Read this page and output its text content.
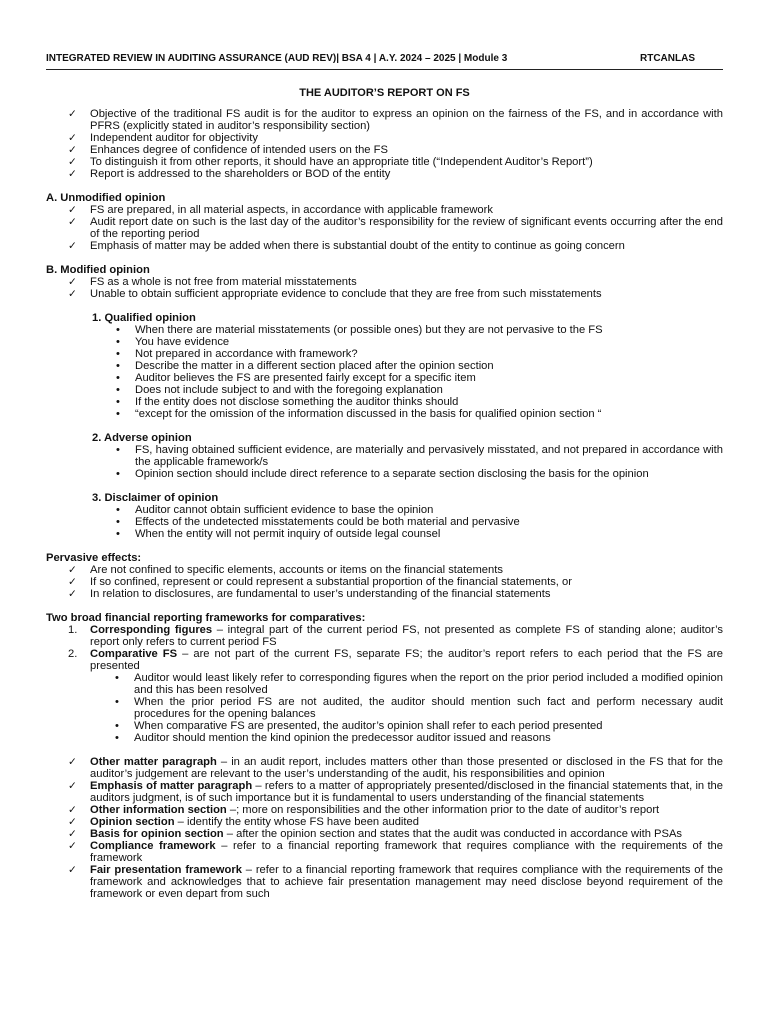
INTEGRATED REVIEW IN AUDITING ASSURANCE (AUD REV)| BSA 4 | A.Y. 2024 – 2025 | Module 3	RTCANLAS
THE AUDITOR’S REPORT ON FS
✓ Objective of the traditional FS audit is for the auditor to express an opinion on the fairness of the FS, and in accordance with PFRS (explicitly stated in auditor’s responsibility section)
✓ Independent auditor for objectivity
✓ Enhances degree of confidence of intended users on the FS
✓ To distinguish it from other reports, it should have an appropriate title (“Independent Auditor’s Report”)
✓ Report is addressed to the shareholders or BOD of the entity
A. Unmodified opinion
✓ FS are prepared, in all material aspects, in accordance with applicable framework
✓ Audit report date on such is the last day of the auditor’s responsibility for the review of significant events occurring after the end of the reporting period
✓ Emphasis of matter may be added when there is substantial doubt of the entity to continue as going concern
B. Modified opinion
✓ FS as a whole is not free from material misstatements
✓ Unable to obtain sufficient appropriate evidence to conclude that they are free from such misstatements
1. Qualified opinion
• When there are material misstatements (or possible ones) but they are not pervasive to the FS
• You have evidence
• Not prepared in accordance with framework?
• Describe the matter in a different section placed after the opinion section
• Auditor believes the FS are presented fairly except for a specific item
• Does not include subject to and with the foregoing explanation
• If the entity does not disclose something the auditor thinks should
• “except for the omission of the information discussed in the basis for qualified opinion section “
2. Adverse opinion
• FS, having obtained sufficient evidence, are materially and pervasively misstated, and not prepared in accordance with the applicable framework/s
• Opinion section should include direct reference to a separate section disclosing the basis for the opinion
3. Disclaimer of opinion
• Auditor cannot obtain sufficient evidence to base the opinion
• Effects of the undetected misstatements could be both material and pervasive
• When the entity will not permit inquiry of outside legal counsel
Pervasive effects:
✓ Are not confined to specific elements, accounts or items on the financial statements
✓ If so confined, represent or could represent a substantial proportion of the financial statements, or
✓ In relation to disclosures, are fundamental to user’s understanding of the financial statements
Two broad financial reporting frameworks for comparatives:
1. Corresponding figures – integral part of the current period FS, not presented as complete FS of standing alone; auditor’s report only refers to current period FS
2. Comparative FS – are not part of the current FS, separate FS; the auditor’s report refers to each period that the FS are presented
• Auditor would least likely refer to corresponding figures when the report on the prior period included a modified opinion and this has been resolved
• When the prior period FS are not audited, the auditor should mention such fact and perform necessary audit procedures for the opening balances
• When comparative FS are presented, the auditor’s opinion shall refer to each period presented
• Auditor should mention the kind opinion the predecessor auditor issued and reasons
✓ Other matter paragraph – in an audit report, includes matters other than those presented or disclosed in the FS that for the auditor’s judgement are relevant to the user’s understanding of the audit, his responsibilities and opinion
✓ Emphasis of matter paragraph – refers to a matter of appropriately presented/disclosed in the financial statements that, in the auditors judgment, is of such importance but it is fundamental to users understanding of the financial statements
✓ Other information section –; more on responsibilities and the other information prior to the date of auditor’s report
✓ Opinion section – identify the entity whose FS have been audited
✓ Basis for opinion section – after the opinion section and states that the audit was conducted in accordance with PSAs
✓ Compliance framework – refer to a financial reporting framework that requires compliance with the requirements of the framework
✓ Fair presentation framework – refer to a financial reporting framework that requires compliance with the requirements of the framework and acknowledges that to achieve fair presentation management may need disclose beyond requirement of the framework or even depart from such
